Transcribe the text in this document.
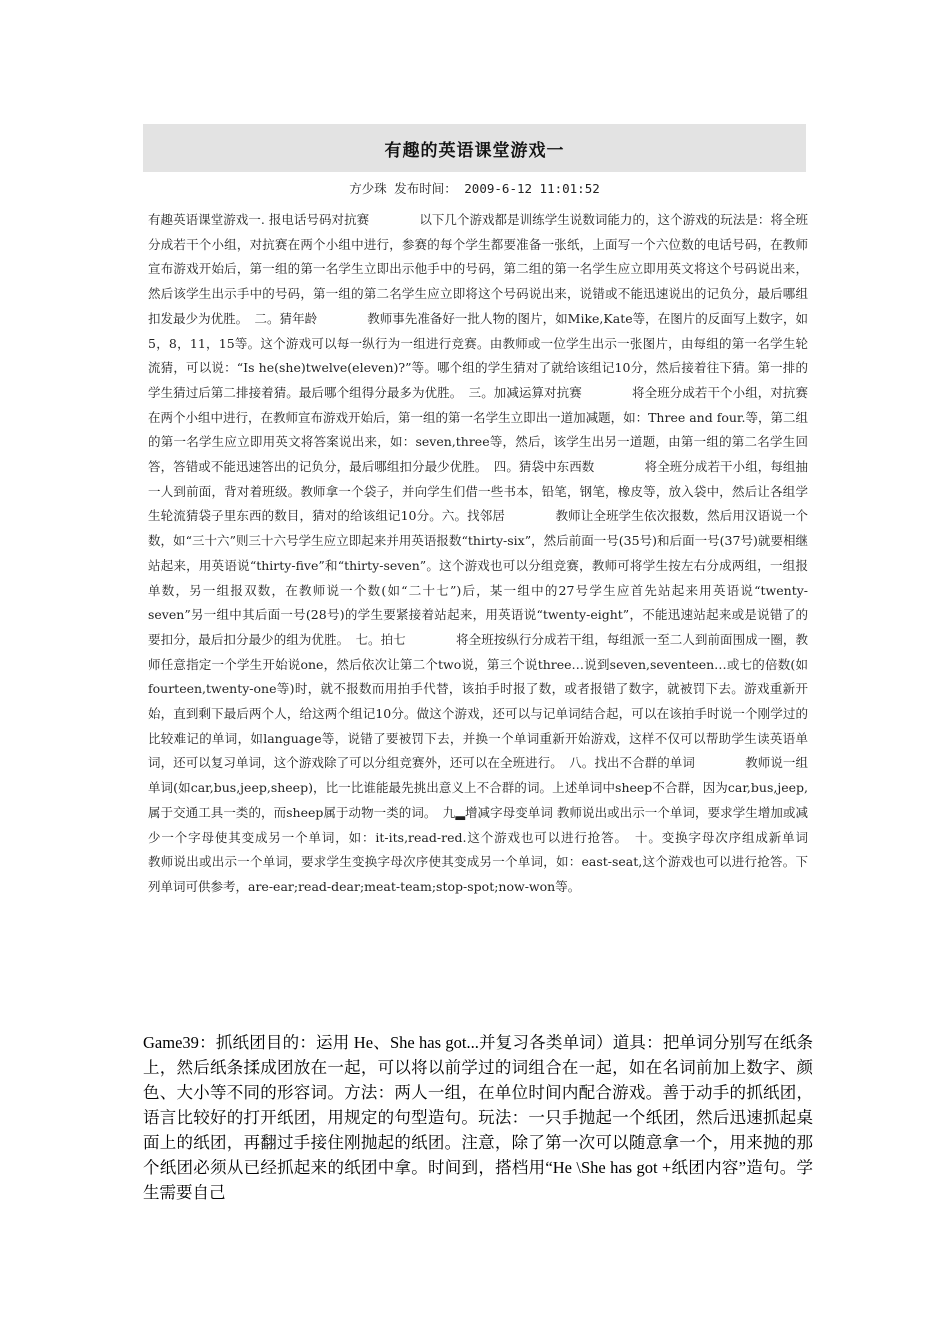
有趣的英语课堂游戏一
方少珠 发布时间： 2009-6-12 11:01:52

有趣英语课堂游戏一. 报电话号码对抗赛　　　　以下几个游戏都是训练学生说数词能力的，这个游戏的玩法是：将全班分成若干个小组，对抗赛在两个小组中进行，参赛的每个学生都要准备一张纸，上面写一个六位数的电话号码，在教师宣布游戏开始后，第一组的第一名学生立即出示他手中的号码，第二组的第一名学生应立即用英文将这个号码说出来，然后该学生出示手中的号码，第一组的第二名学生应立即将这个号码说出来，说错或不能迅速说出的记负分，最后哪组扣发最少为优胜。　二。猜年龄　　　　教师事先准备好一批人物的图片，如Mike,Kate等，在图片的反面写上数字，如5，8，11，15等。这个游戏可以每一纵行为一组进行竞赛。由教师或一位学生出示一张图片，由每组的第一名学生轮流猜，可以说：“Is he(she)twelve(eleven)?”等。哪个组的学生猜对了就给该组记10分，然后接着往下猜。第一排的学生猜过后第二排接着猜。最后哪个组得分最多为优胜。　三。加减运算对抗赛　　　　将全班分成若干个小组，对抗赛在两个小组中进行，在教师宣布游戏开始后，第一组的第一名学生立即出一道加减题，如：Three and four.等，第二组的第一名学生应立即用英文将答案说出来，如：seven,three等，然后，该学生出另一道题，由第一组的第二名学生回答，答错或不能迅速答出的记负分，最后哪组扣分最少优胜。　四。猜袋中东西数　　　　将全班分成若干小组，每组抽一人到前面，背对着班级。教师拿一个袋子，并向学生们借一些书本，铅笔，钢笔，橡皮等，放入袋中，然后让各组学生轮流猜袋子里东西的数目，猜对的给该组记10分。六。找邻居　　　　教师让全班学生依次报数，然后用汉语说一个数，如“三十六”则三十六号学生应立即起来并用英语报数“thirty-six”，然后前面一号(35号)和后面一号(37号)就要相继站起来，用英语说“thirty-five”和“thirty-seven”。这个游戏也可以分组竞赛，教师可将学生按左右分成两组，一组报单数，另一组报双数，在教师说一个数(如“二十七”)后，某一组中的27号学生应首先站起来用英语说“twenty-seven”另一组中其后面一号(28号)的学生要紧接着站起来，用英语说“twenty-eight”，不能迅速站起来或是说错了的要扣分，最后扣分最少的组为优胜。　七。拍七　　　　将全班按纵行分成若干组，每组派一至二人到前面围成一圈，教师任意指定一个学生开始说one，然后依次让第二个two说，第三个说three…说到seven,seventeen…或七的倍数(如fourteen,twenty-one等)时，就不报数而用拍手代替，该拍手时报了数，或者报错了数字，就被罚下去。游戏重新开始，直到剩下最后两个人，给这两个组记10分。做这个游戏，还可以与记单词结合起，可以在该拍手时说一个刚学过的比较难记的单词，如language等，说错了要被罚下去，并换一个单词重新开始游戏，这样不仅可以帮助学生读英语单词，还可以复习单词，这个游戏除了可以分组竞赛外，还可以在全班进行。　八。找出不合群的单词　　　　教师说一组单词(如car,bus,jeep,sheep)，比一比谁能最先挑出意义上不合群的词。上述单词中sheep不合群，因为car,bus,jeep,属于交通工具一类的，而sheep属于动物一类的词。　九▂增减字母变单词 教师说出或出示一个单词，要求学生增加或减少一个字母使其变成另一个单词，如：it-its,read-red.这个游戏也可以进行抢答。　十。变换字母次序组成新单词　　　　教师说出或出示一个单词，要求学生变换字母次序使其变成另一个单词，如：east-seat,这个游戏也可以进行抢答。下列单词可供参考，are-ear;read-dear;meat-team;stop-spot;now-won等。

Game39：抓纸团目的：运用 He、She has got...并复习各类单词）道具：把单词分别写在纸条上，然后纸条揉成团放在一起，可以将以前学过的词组合在一起，如在名词前加上数字、颜色、大小等不同的形容词。方法：两人一组，在单位时间内配合游戏。善于动手的抓纸团，语言比较好的打开纸团，用规定的句型造句。玩法：一只手抛起一个纸团，然后迅速抓起桌面上的纸团，再翻过手接住刚抛起的纸团。注意，除了第一次可以随意拿一个，用来抛的那个纸团必须从已经抓起来的纸团中拿。时间到，搭档用“He \She has got +纸团内容”造句。学生需要自己
